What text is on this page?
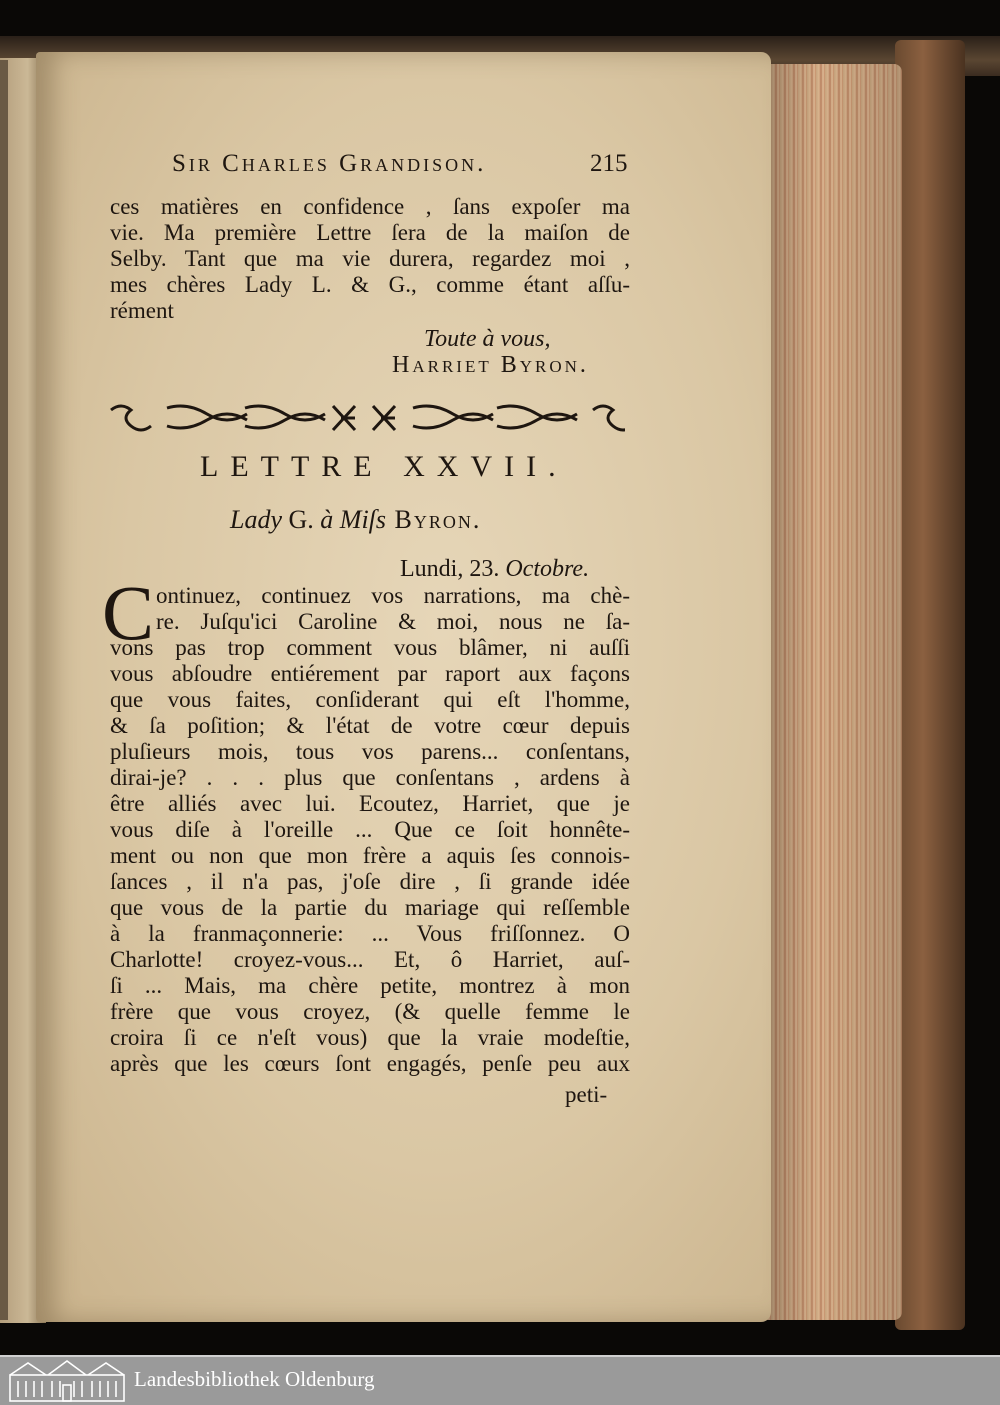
Sir Charles Grandison.	215
ces matières en confidence , ſans expoſer ma
vie. Ma première Lettre ſera de la maiſon de
Selby. Tant que ma vie durera, regardez moi ,
mes chères Lady L. & G., comme étant aſſu-
rément
Toute à vous,
Harriet Byron.
LETTRE XXVII.
Lady G. à Miſs Byron.
Lundi, 23. Octobre.
C ontinuez, continuez vos narrations, ma chè-
re. Juſqu'ici Caroline & moi, nous ne ſa-
vons pas trop comment vous blâmer, ni auſſi
vous abſoudre entiérement par raport aux façons
que vous faites, conſiderant qui eſt l'homme,
& ſa poſition; & l'état de votre cœur depuis
pluſieurs mois, tous vos parens... conſentans,
dirai-je? . . . plus que conſentans , ardens à
être alliés avec lui. Ecoutez, Harriet, que je
vous diſe à l'oreille ... Que ce ſoit honnête-
ment ou non que mon frère a aquis ſes connois-
ſances , il n'a pas, j'oſe dire , ſi grande idée
que vous de la partie du mariage qui reſſemble
à la franmaçonnerie: ... Vous friſſonnez. O
Charlotte! croyez-vous... Et, ô Harriet, auſ-
ſi ... Mais, ma chère petite, montrez à mon
frère que vous croyez, (& quelle femme le
croira ſi ce n'eſt vous) que la vraie modeſtie,
après que les cœurs ſont engagés, penſe peu aux
peti-
Landesbibliothek Oldenburg
